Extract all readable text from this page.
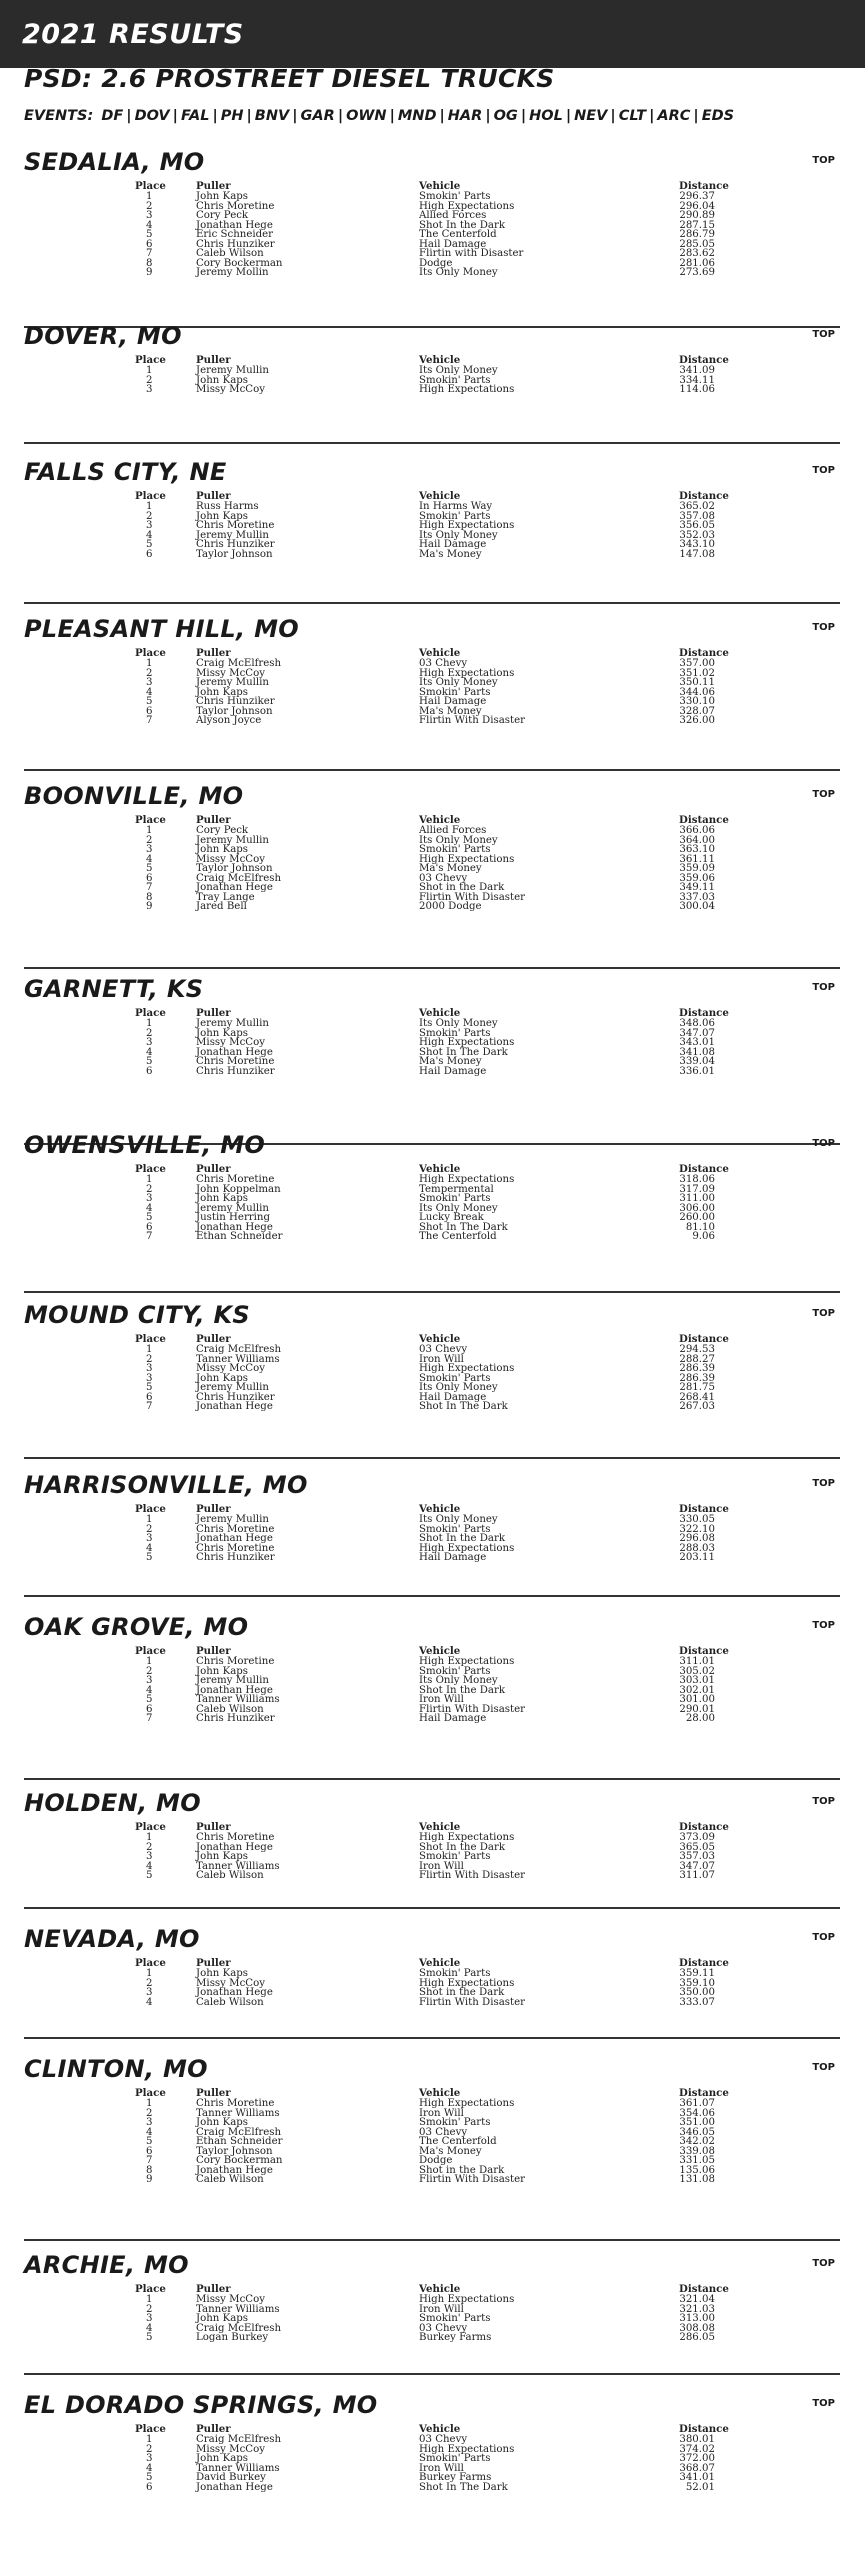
2021 RESULTS
PSD: 2.6 PROSTREET DIESEL TRUCKS
EVENTS: DF | DOV | FAL | PH | BNV | GAR | OWN | MND | HAR | OG | HOL | NEV | CLT | ARC | EDS
SEDALIA, MO	TOP
Place	Puller	Vehicle	Distance
1	John Kaps	Smokin' Parts	296.37
2	Chris Moretine	High Expectations	296.04
3	Cory Peck	Allied Forces	290.89
4	Jonathan Hege	Shot In the Dark	287.15
5	Eric Schneider	The Centerfold	286.79
6	Chris Hunziker	Hail Damage	285.05
7	Caleb Wilson	Flirtin with Disaster	283.62
8	Cory Bockerman	Dodge	281.06
9	Jeremy Mollin	Its Only Money	273.69
DOVER, MO	TOP
Place	Puller	Vehicle	Distance
1	Jeremy Mullin	Its Only Money	341.09
2	John Kaps	Smokin' Parts	334.11
3	Missy McCoy	High Expectations	114.06
FALLS CITY, NE	TOP
Place	Puller	Vehicle	Distance
1	Russ Harms	In Harms Way	365.02
2	John Kaps	Smokin' Parts	357.08
3	Chris Moretine	High Expectations	356.05
4	Jeremy Mullin	Its Only Money	352.03
5	Chris Hunziker	Hail Damage	343.10
6	Taylor Johnson	Ma's Money	147.08
PLEASANT HILL, MO	TOP
Place	Puller	Vehicle	Distance
1	Craig McElfresh	03 Chevy	357.00
2	Missy McCoy	High Expectations	351.02
3	Jeremy Mullin	Its Only Money	350.11
4	John Kaps	Smokin' Parts	344.06
5	Chris Hunziker	Hail Damage	330.10
6	Taylor Johnson	Ma's Money	328.07
7	Alyson Joyce	Flirtin With Disaster	326.00
BOONVILLE, MO	TOP
Place	Puller	Vehicle	Distance
1	Cory Peck	Allied Forces	366.06
2	Jeremy Mullin	Its Only Money	364.00
3	John Kaps	Smokin' Parts	363.10
4	Missy McCoy	High Expectations	361.11
5	Taylor Johnson	Ma's Money	359.09
6	Craig McElfresh	03 Chevy	359.06
7	Jonathan Hege	Shot in the Dark	349.11
8	Tray Lange	Flirtin With Disaster	337.03
9	Jared Bell	2000 Dodge	300.04
GARNETT, KS	TOP
Place	Puller	Vehicle	Distance
1	Jeremy Mullin	Its Only Money	348.06
2	John Kaps	Smokin' Parts	347.07
3	Missy McCoy	High Expectations	343.01
4	Jonathan Hege	Shot In The Dark	341.08
5	Chris Moretine	Ma's Money	339.04
6	Chris Hunziker	Hail Damage	336.01
OWENSVILLE, MO	TOP
Place	Puller	Vehicle	Distance
1	Chris Moretine	High Expectations	318.06
2	John Koppelman	Tempermental	317.09
3	John Kaps	Smokin' Parts	311.00
4	Jeremy Mullin	Its Only Money	306.00
5	Justin Herring	Lucky Break	260.00
6	Jonathan Hege	Shot In The Dark	81.10
7	Ethan Schneider	The Centerfold	9.06
MOUND CITY, KS	TOP
Place	Puller	Vehicle	Distance
1	Craig McElfresh	03 Chevy	294.53
2	Tanner Williams	Iron Will	288.27
3	Missy McCoy	High Expectations	286.39
3	John Kaps	Smokin' Parts	286.39
5	Jeremy Mullin	Its Only Money	281.75
6	Chris Hunziker	Hail Damage	268.41
7	Jonathan Hege	Shot In The Dark	267.03
HARRISONVILLE, MO	TOP
Place	Puller	Vehicle	Distance
1	Jeremy Mullin	Its Only Money	330.05
2	Chris Moretine	Smokin' Parts	322.10
3	Jonathan Hege	Shot In the Dark	296.08
4	Chris Moretine	High Expectations	288.03
5	Chris Hunziker	Hail Damage	203.11
OAK GROVE, MO	TOP
Place	Puller	Vehicle	Distance
1	Chris Moretine	High Expectations	311.01
2	John Kaps	Smokin' Parts	305.02
3	Jeremy Mullin	Its Only Money	303.01
4	Jonathan Hege	Shot In the Dark	302.01
5	Tanner Williams	Iron Will	301.00
6	Caleb Wilson	Flirtin With Disaster	290.01
7	Chris Hunziker	Hail Damage	28.00
HOLDEN, MO	TOP
Place	Puller	Vehicle	Distance
1	Chris Moretine	High Expectations	373.09
2	Jonathan Hege	Shot In the Dark	365.05
3	John Kaps	Smokin' Parts	357.03
4	Tanner Williams	Iron Will	347.07
5	Caleb Wilson	Flirtin With Disaster	311.07
NEVADA, MO	TOP
Place	Puller	Vehicle	Distance
1	John Kaps	Smokin' Parts	359.11
2	Missy McCoy	High Expectations	359.10
3	Jonathan Hege	Shot in the Dark	350.00
4	Caleb Wilson	Flirtin With Disaster	333.07
CLINTON, MO	TOP
Place	Puller	Vehicle	Distance
1	Chris Moretine	High Expectations	361.07
2	Tanner Williams	Iron Will	354.06
3	John Kaps	Smokin' Parts	351.00
4	Craig McElfresh	03 Chevy	346.05
5	Ethan Schneider	The Centerfold	342.02
6	Taylor Johnson	Ma's Money	339.08
7	Cory Bockerman	Dodge	331.05
8	Jonathan Hege	Shot in the Dark	135.06
9	Caleb Wilson	Flirtin With Disaster	131.08
ARCHIE, MO	TOP
Place	Puller	Vehicle	Distance
1	Missy McCoy	High Expectations	321.04
2	Tanner Williams	Iron Will	321.03
3	John Kaps	Smokin' Parts	313.00
4	Craig McElfresh	03 Chevy	308.08
5	Logan Burkey	Burkey Farms	286.05
EL DORADO SPRINGS, MO	TOP
Place	Puller	Vehicle	Distance
1	Craig McElfresh	03 Chevy	380.01
2	Missy McCoy	High Expectations	374.02
3	John Kaps	Smokin' Parts	372.00
4	Tanner Williams	Iron Will	368.07
5	David Burkey	Burkey Farms	341.01
6	Jonathan Hege	Shot In The Dark	52.01
